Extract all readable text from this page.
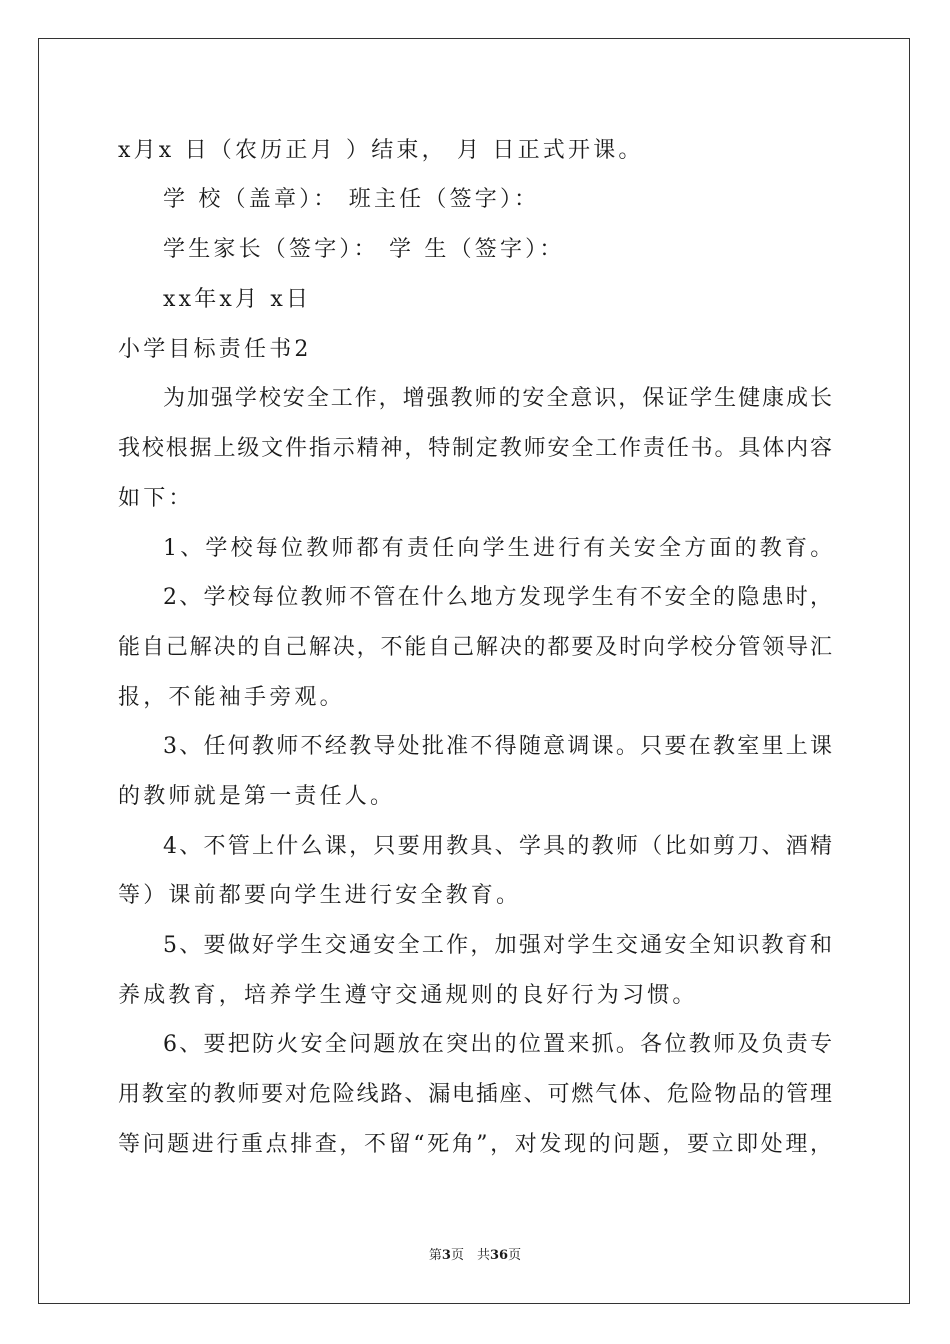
x月x 日（农历正月 ）结束， 月 日正式开课。
学 校（盖章）： 班主任（签字）：
学生家长（签字）： 学 生（签字）：
xx年x月 x日
小学目标责任书2
为加强学校安全工作，增强教师的安全意识，保证学生健康成长
我校根据上级文件指示精神，特制定教师安全工作责任书。具体内容
如下：
1、学校每位教师都有责任向学生进行有关安全方面的教育。
2、学校每位教师不管在什么地方发现学生有不安全的隐患时，
能自己解决的自己解决，不能自己解决的都要及时向学校分管领导汇
报，不能袖手旁观。
3、任何教师不经教导处批准不得随意调课。只要在教室里上课
的教师就是第一责任人。
4、不管上什么课，只要用教具、学具的教师（比如剪刀、酒精
等）课前都要向学生进行安全教育。
5、要做好学生交通安全工作，加强对学生交通安全知识教育和
养成教育，培养学生遵守交通规则的良好行为习惯。
6、要把防火安全问题放在突出的位置来抓。各位教师及负责专
用教室的教师要对危险线路、漏电插座、可燃气体、危险物品的管理
等问题进行重点排查，不留“死角”，对发现的问题，要立即处理，
第3页　共36页
